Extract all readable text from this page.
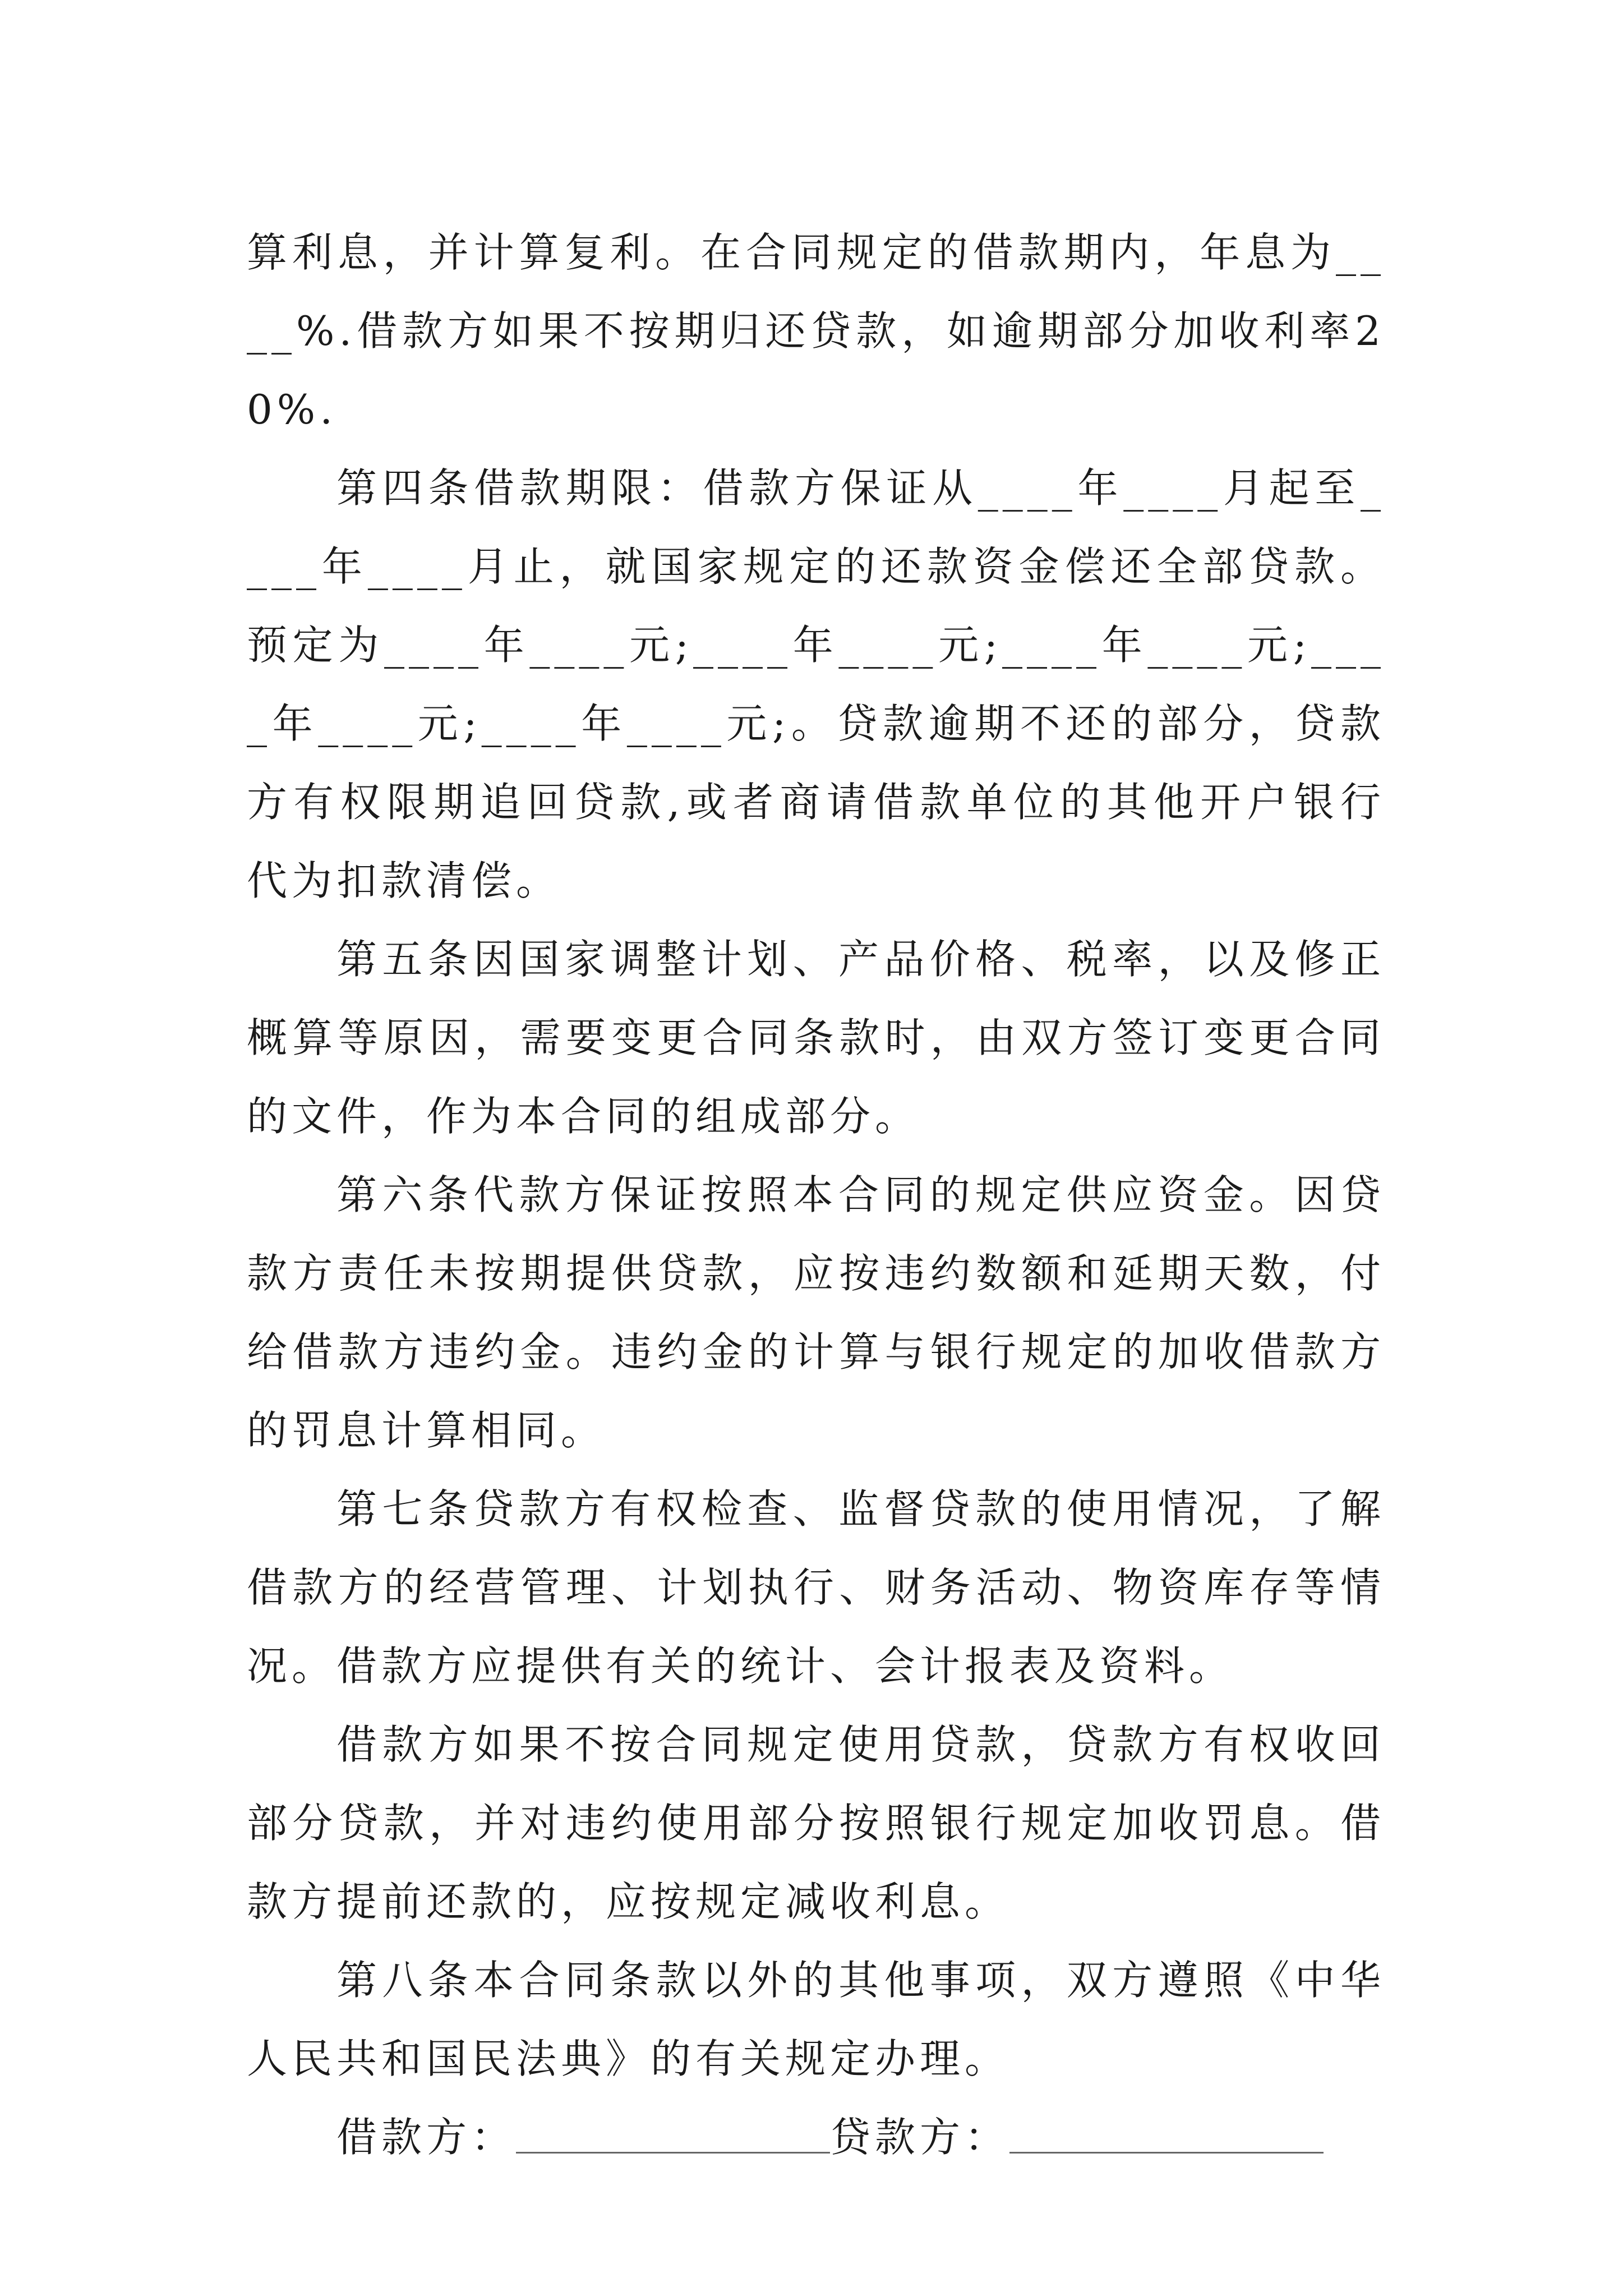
算利息，并计算复利。在合同规定的借款期内，年息为____%.借款方如果不按期归还贷款，如逾期部分加收利率20%.

第四条借款期限：借款方保证从____年____月起至____年____月止，就国家规定的还款资金偿还全部贷款。预定为____年____元;____年____元;____年____元;____年____元;____年____元;。贷款逾期不还的部分，贷款方有权限期追回贷款,或者商请借款单位的其他开户银行代为扣款清偿。

第五条因国家调整计划、产品价格、税率，以及修正概算等原因，需要变更合同条款时，由双方签订变更合同的文件，作为本合同的组成部分。

第六条代款方保证按照本合同的规定供应资金。因贷款方责任未按期提供贷款，应按违约数额和延期天数，付给借款方违约金。违约金的计算与银行规定的加收借款方的罚息计算相同。

第七条贷款方有权检查、监督贷款的使用情况，了解借款方的经营管理、计划执行、财务活动、物资库存等情况。借款方应提供有关的统计、会计报表及资料。

借款方如果不按合同规定使用贷款，贷款方有权收回部分贷款，并对违约使用部分按照银行规定加收罚息。借款方提前还款的，应按规定减收利息。

第八条本合同条款以外的其他事项，双方遵照《中华人民共和国民法典》的有关规定办理。

借款方：	贷款方：
